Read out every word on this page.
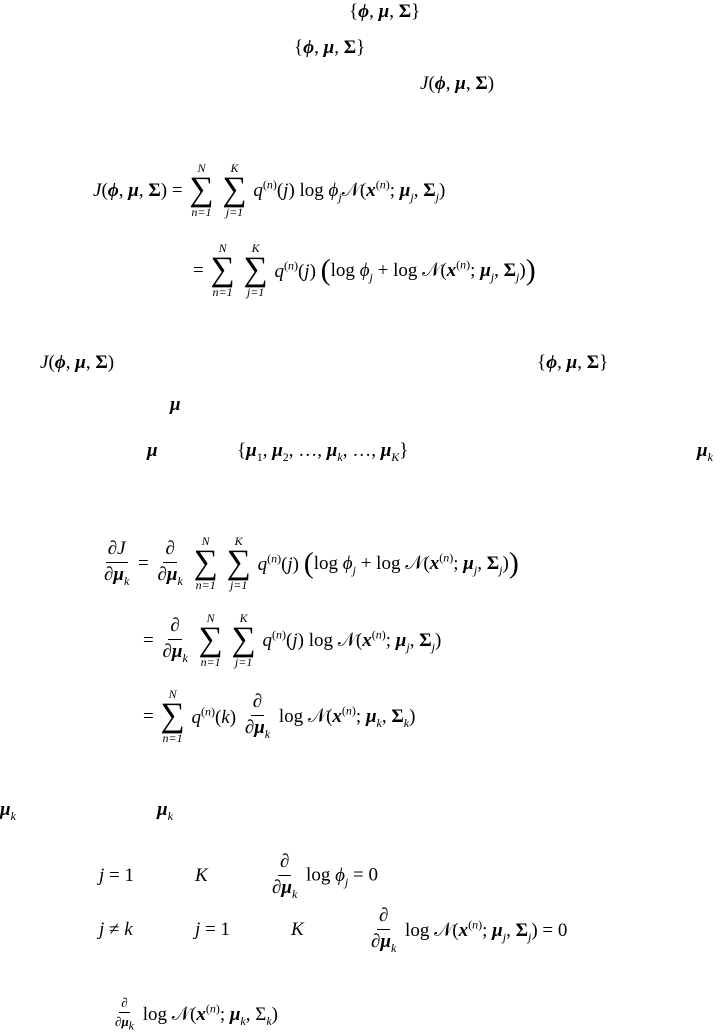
{ϕ, μ, Σ}
{ϕ, μ, Σ}
J(ϕ, μ, Σ)
J(ϕ, μ, Σ) =
N
∑
n=1

K
∑
j=1
$q^{(n)}(j)$ $\log \phi_j𝒩(x^{(n)}$; $\mu_j$, $\Sigma_j$)
=
N
∑
n=1

K
∑
j=1
$q^{(n)}(j)$ (log $\phi_j + \log$ $𝒩(x^{(n)}$; $\mu_j$, $\Sigma_j$))
J(ϕ, μ, Σ)	{ϕ, μ, Σ}
μ
μ	{$\mu_1$, $\mu_2$, …, $\mu_k$, …, $\mu_K$}	$\mu_k$
$\frac{\partial J}{\partial\mu_k} = \frac{\partial}{\partial\mu_k}$
N
∑
n=1

K
∑
j=1
$q^{(n)}(j)$ (log $\phi_j + \log$ $𝒩(x^{(n)}$; $\mu_j$, $\Sigma_j$))
= $\frac{\partial}{\partial\mu_k}$
N
∑
n=1

K
∑
j=1
$q^{(n)}(j)$ $\log 𝒩(x^{(n)}$; $\mu_j$, $\Sigma_j$)
=
N
∑
n=1
$q^{(n)}(k) \frac{\partial}{\partial\mu_k}$ $\log 𝒩(x^{(n)}$; $\mu_k$, $\Sigma_k$)
$\mu_k$	$\mu_k$
j = 1	K	$\frac{\partial}{\partial\mu_k}$ $\log \phi_j = 0$
j ≠ k	j = 1	K	$\frac{\partial}{\partial\mu_k}$ $\log 𝒩(x^{(n)}$; $\mu_j$, $\Sigma_j) = 0$
$\frac{\partial}{\partial\mu_k}$ $\log 𝒩(x^{(n)}$; $\mu_k$, $\Sigma_k$)
